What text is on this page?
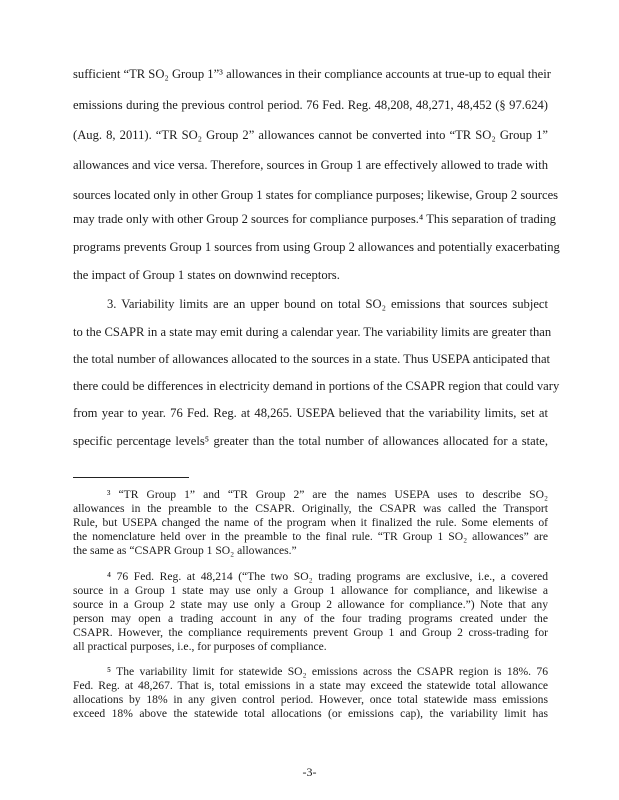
sufficient “TR SO₂ Group 1”³ allowances in their compliance accounts at true-up to equal their
emissions during the previous control period. 76 Fed. Reg. 48,208, 48,271, 48,452 (§ 97.624)
(Aug. 8, 2011). “TR SO₂ Group 2” allowances cannot be converted into “TR SO₂ Group 1”
allowances and vice versa. Therefore, sources in Group 1 are effectively allowed to trade with
sources located only in other Group 1 states for compliance purposes; likewise, Group 2 sources
may trade only with other Group 2 sources for compliance purposes.⁴ This separation of trading
programs prevents Group 1 sources from using Group 2 allowances and potentially exacerbating
the impact of Group 1 states on downwind receptors.
3. Variability limits are an upper bound on total SO₂ emissions that sources subject
to the CSAPR in a state may emit during a calendar year. The variability limits are greater than
the total number of allowances allocated to the sources in a state. Thus USEPA anticipated that
there could be differences in electricity demand in portions of the CSAPR region that could vary
from year to year. 76 Fed. Reg. at 48,265. USEPA believed that the variability limits, set at
specific percentage levels⁵ greater than the total number of allowances allocated for a state,
³ “TR Group 1” and “TR Group 2” are the names USEPA uses to describe SO₂
allowances in the preamble to the CSAPR. Originally, the CSAPR was called the Transport
Rule, but USEPA changed the name of the program when it finalized the rule. Some elements of
the nomenclature held over in the preamble to the final rule. “TR Group 1 SO₂ allowances” are
the same as “CSAPR Group 1 SO₂ allowances.”
⁴ 76 Fed. Reg. at 48,214 (“The two SO₂ trading programs are exclusive, i.e., a covered
source in a Group 1 state may use only a Group 1 allowance for compliance, and likewise a
source in a Group 2 state may use only a Group 2 allowance for compliance.”) Note that any
person may open a trading account in any of the four trading programs created under the
CSAPR. However, the compliance requirements prevent Group 1 and Group 2 cross-trading for
all practical purposes, i.e., for purposes of compliance.
⁵ The variability limit for statewide SO₂ emissions across the CSAPR region is 18%. 76
Fed. Reg. at 48,267. That is, total emissions in a state may exceed the statewide total allowance
allocations by 18% in any given control period. However, once total statewide mass emissions
exceed 18% above the statewide total allocations (or emissions cap), the variability limit has
-3-
